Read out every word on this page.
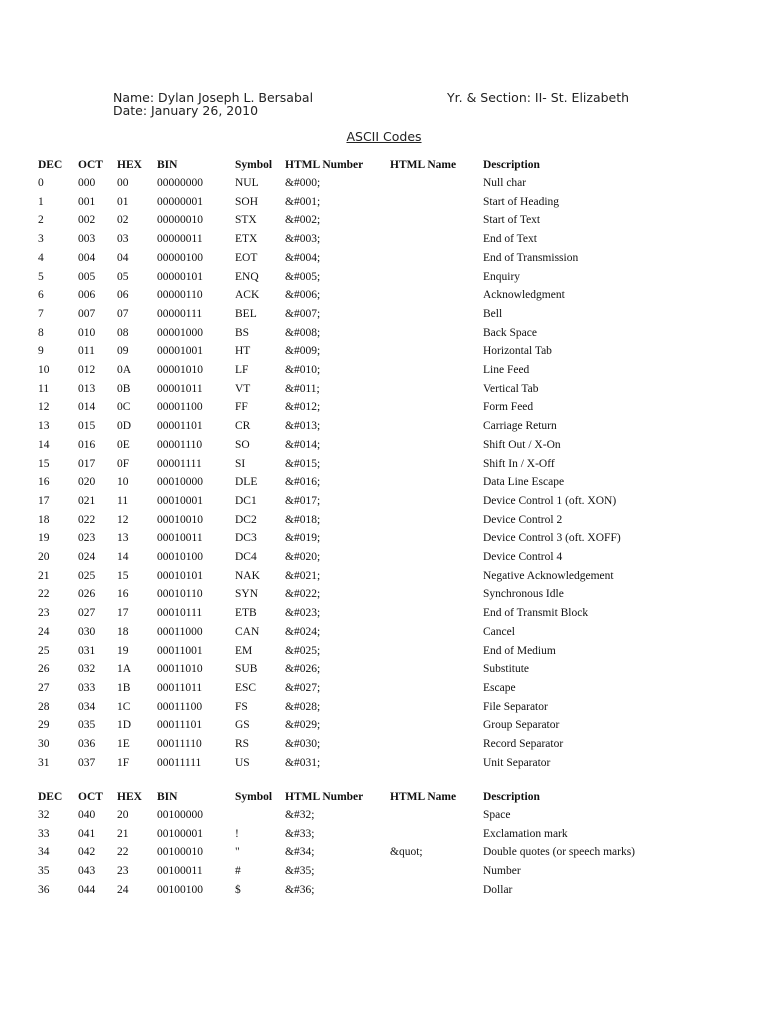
Name: Dylan Joseph L. Bersabal
Date: January 26, 2010
Yr. & Section: II- St. Elizabeth
ASCII Codes
DEC OCT HEX BIN	Symbol HTML Number HTML Name Description
0	000 00 00000000	NUL &#000;	Null char
1	001 01 00000001	SOH &#001;	Start of Heading
2	002 02 00000010	STX &#002;	Start of Text
3	003 03 00000011	ETX &#003;	End of Text
4	004 04 00000100	EOT &#004;	End of Transmission
5	005 05 00000101	ENQ &#005;	Enquiry
6	006 06 00000110	ACK &#006;	Acknowledgment
7	007 07 00000111	BEL &#007;	Bell
8	010 08 00001000	BS	&#008;	Back Space
9	011 09 00001001	HT	&#009;	Horizontal Tab
10 012 0A 00001010	LF	&#010;	Line Feed
11	013 0B 00001011	VT	&#011;	Vertical Tab
12 014 0C 00001100	FF	&#012;	Form Feed
13 015 0D 00001101	CR	&#013;	Carriage Return
14 016 0E 00001110	SO	&#014;	Shift Out / X-On
15 017 0F 00001111	SI	&#015;	Shift In / X-Off
16 020 10 00010000	DLE &#016;	Data Line Escape
17 021 11	00010001	DC1 &#017;	Device Control 1 (oft. XON)
18 022 12 00010010	DC2 &#018;	Device Control 2
19 023 13 00010011	DC3 &#019;	Device Control 3 (oft. XOFF)
20 024 14 00010100	DC4 &#020;	Device Control 4
21 025 15 00010101	NAK &#021;	Negative Acknowledgement
22 026 16 00010110	SYN &#022;	Synchronous Idle
23 027 17 00010111	ETB &#023;	End of Transmit Block
24 030 18 00011000	CAN &#024;	Cancel
25 031 19 00011001	EM	&#025;	End of Medium
26 032 1A 00011010	SUB &#026;	Substitute
27 033 1B 00011011	ESC	&#027;	Escape
28 034 1C 00011100	FS	&#028;	File Separator
29 035 1D 00011101	GS	&#029;	Group Separator
30 036 1E 00011110	RS	&#030;	Record Separator
31 037 1F 00011111	US	&#031;	Unit Separator
DEC OCT HEX BIN	Symbol HTML Number HTML Name Description
32 040 20 00100000	&#32;	Space
33 041 21 00100001	!	&#33;	Exclamation mark
34 042 22 00100010	"	&#34;	&quot;	Double quotes (or speech marks)
35 043 23 00100011	#	&#35;	Number
36 044 24 00100100	$	&#36;	Dollar
